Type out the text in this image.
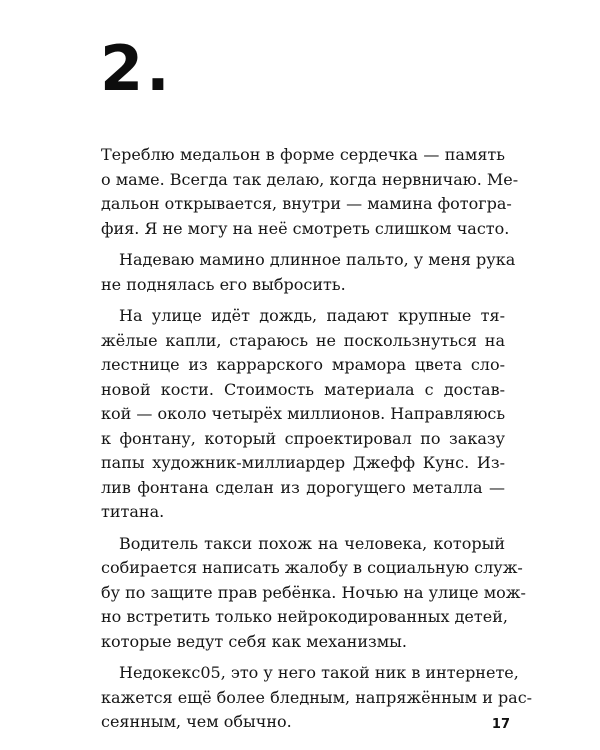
2.
Тереблю медальон в форме сердечка — память
о маме. Всегда так делаю, когда нервничаю. Ме-
дальон открывается, внутри — мамина фотогра-
фия. Я не могу на неё смотреть слишком часто.
Надеваю мамино длинное пальто, у меня рука
не поднялась его выбросить.
На улице идёт дождь, падают крупные тя-
жёлые капли, стараюсь не поскользнуться на
лестнице из каррарского мрамора цвета сло-
новой кости. Стоимость материала с достав-
кой — около четырёх миллионов. Направляюсь
к фонтану, который спроектировал по заказу
папы художник-миллиардер Джефф Кунс. Из-
лив фонтана сделан из дорогущего металла —
титана.
Водитель такси похож на человека, который
собирается написать жалобу в социальную служ-
бу по защите прав ребёнка. Ночью на улице мож-
но встретить только нейрокодированных детей,
которые ведут себя как механизмы.
Недокекс05, это у него такой ник в интернете,
кажется ещё более бледным, напряжённым и рас-
сеянным, чем обычно.	17
